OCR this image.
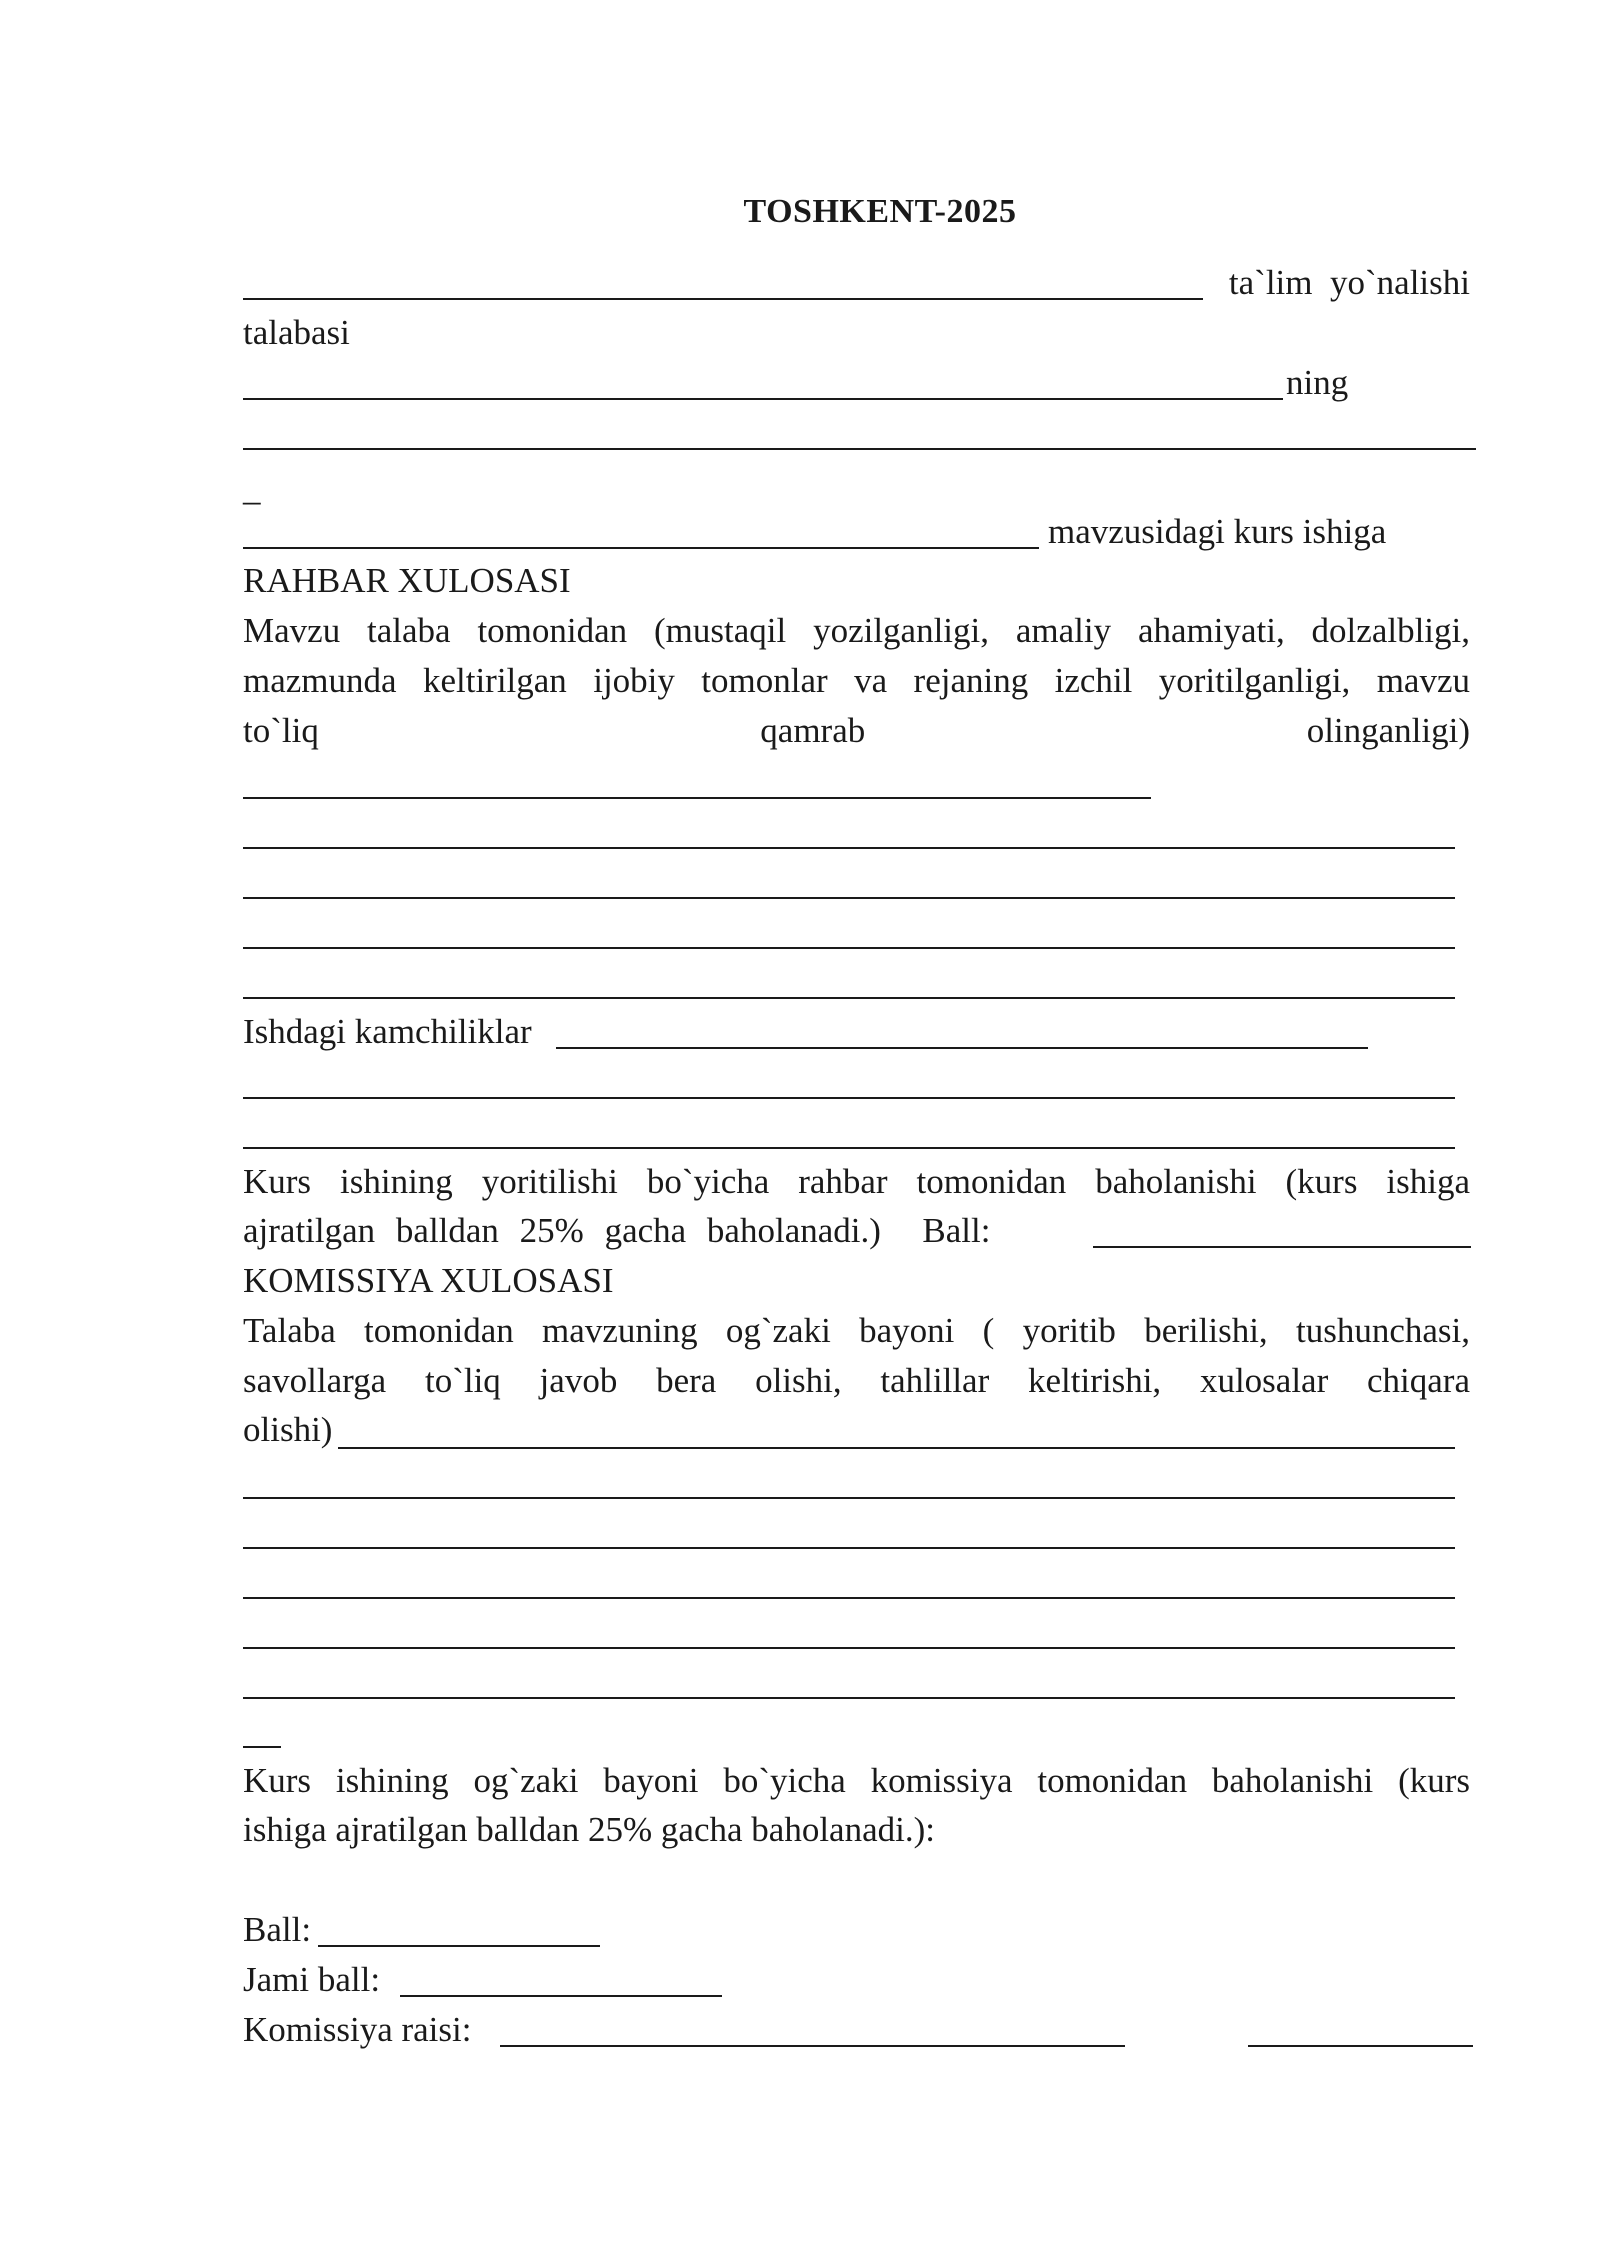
TOSHKENT-2025
ta`lim  yo`nalishi
talabasi
ning
_
mavzusidagi kurs ishiga
RAHBAR XULOSASI
Mavzu talaba tomonidan (mustaqil yozilganligi, amaliy ahamiyati, dolzalbligi,
mazmunda keltirilgan ijobiy tomonlar va rejaning izchil yoritilganligi, mavzu
to`liq	qamrab	olinganligi)
Ishdagi kamchiliklar
Kurs ishining yoritilishi bo`yicha rahbar tomonidan baholanishi (kurs ishiga
ajratilgan balldan 25% gacha baholanadi.)  Ball:
KOMISSIYA XULOSASI
Talaba tomonidan mavzuning og`zaki bayoni ( yoritib berilishi, tushunchasi,
savollarga to`liq javob bera olishi, tahlillar keltirishi, xulosalar chiqara
olishi)
Kurs ishining og`zaki bayoni bo`yicha komissiya tomonidan baholanishi (kurs
ishiga ajratilgan balldan 25% gacha baholanadi.):
Ball:
Jami ball:
Komissiya raisi:
